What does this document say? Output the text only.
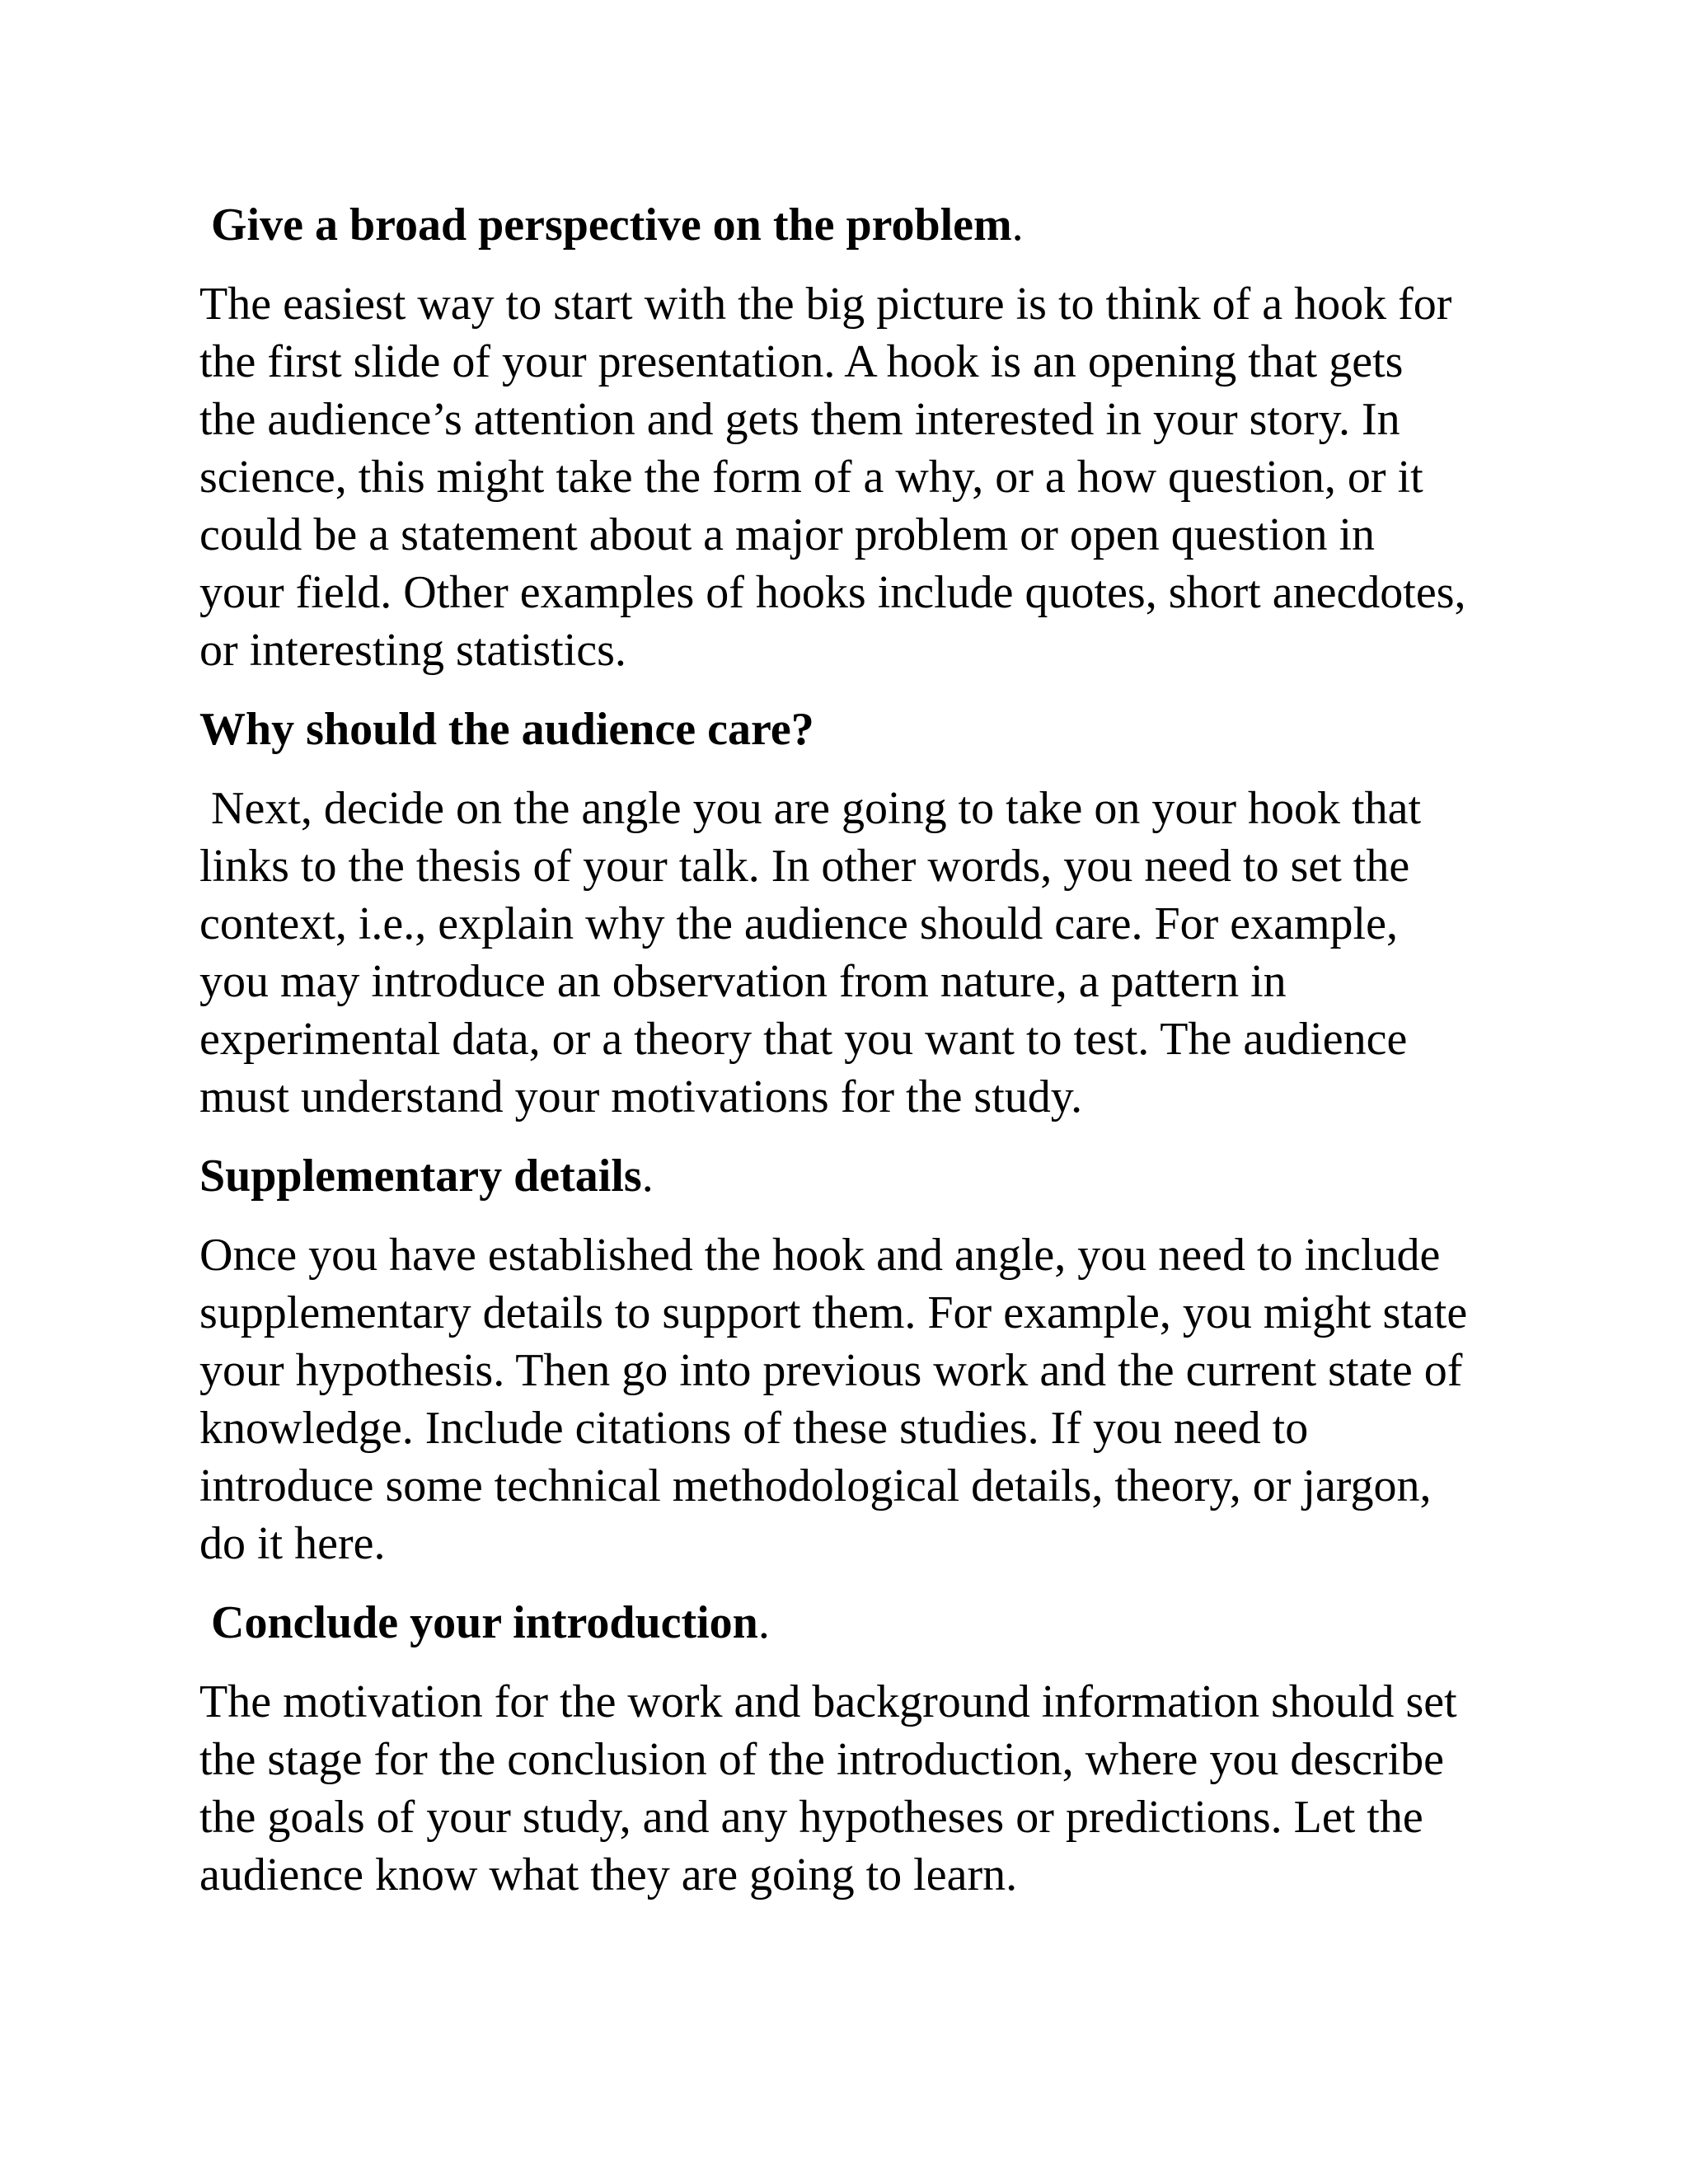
Give a broad perspective on the problem.
The easiest way to start with the big picture is to think of a hook for
the first slide of your presentation. A hook is an opening that gets
the audience’s attention and gets them interested in your story. In
science, this might take the form of a why, or a how question, or it
could be a statement about a major problem or open question in
your field. Other examples of hooks include quotes, short anecdotes,
or interesting statistics.
Why should the audience care?
Next, decide on the angle you are going to take on your hook that
links to the thesis of your talk. In other words, you need to set the
context, i.e., explain why the audience should care. For example,
you may introduce an observation from nature, a pattern in
experimental data, or a theory that you want to test. The audience
must understand your motivations for the study.
Supplementary details.
Once you have established the hook and angle, you need to include
supplementary details to support them. For example, you might state
your hypothesis. Then go into previous work and the current state of
knowledge. Include citations of these studies. If you need to
introduce some technical methodological details, theory, or jargon,
do it here.
Conclude your introduction.
The motivation for the work and background information should set
the stage for the conclusion of the introduction, where you describe
the goals of your study, and any hypotheses or predictions. Let the
audience know what they are going to learn.
